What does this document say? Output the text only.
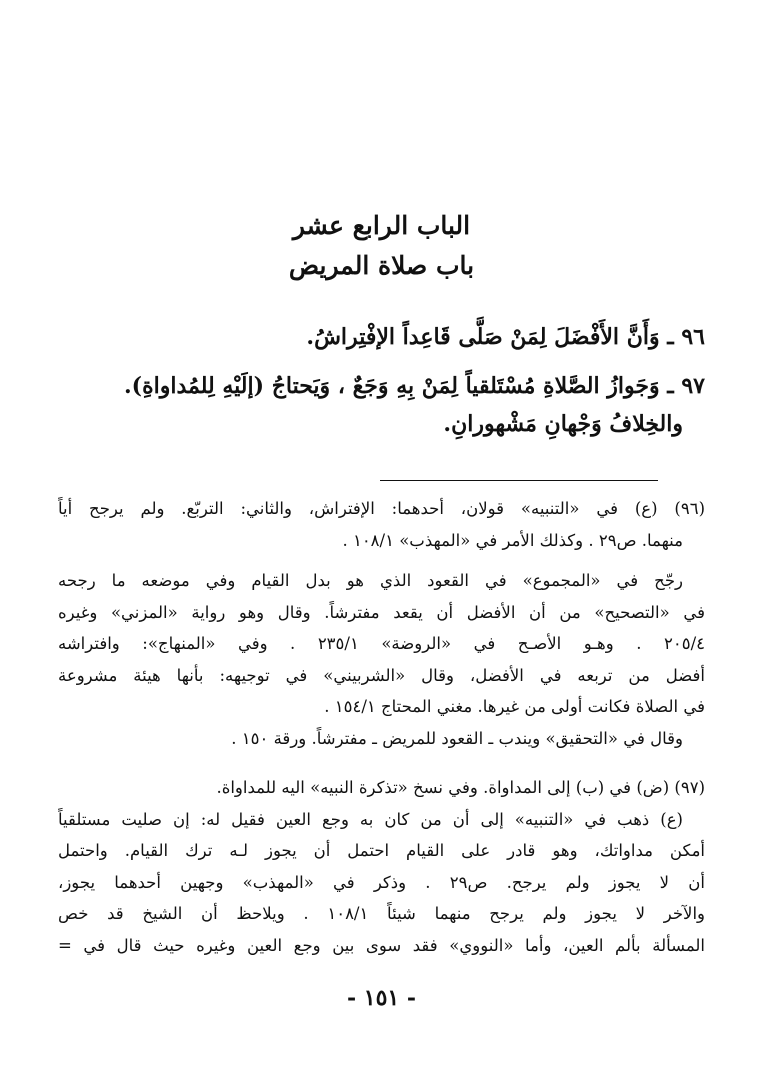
الباب الرابع عشر
باب صلاة المريض
٩٦ ـ وَأَنَّ الأَفْضَلَ لِمَنْ صَلَّى قَاعِداً الإفْتِراشُ.
٩٧ ـ وَجَوازُ الصَّلاةِ مُسْتَلقياً لِمَنْ بِهِ وَجَعٌ ، وَيَحتاجُ (إلَيْهِ لِلمُداواةِ).
والخِلافُ وَجْهانِ مَشْهورانِ.
(٩٦) (ع) في «التنبيه» قولان، أحدهما: الإفتراش، والثاني: التربّع. ولم يرجح أياً
منهما. ص٢٩ . وكذلك الأمر في «المهذب» ١٠٨/١ .
رجّح في «المجموع» في القعود الذي هو بدل القيام وفي موضعه ما رجحه
في «التصحيح» من أن الأفضل أن يقعد مفترشاً. وقال وهو رواية «المزني» وغيره
٢٠٥/٤ . وهـو الأصـح في «الروضة» ٢٣٥/١ . وفي «المنهاج»: وافتراشه
أفضل من تربعه في الأفضل، وقال «الشربيني» في توجيهه: بأنها هيئة مشروعة
في الصلاة فكانت أولى من غيرها. مغني المحتاج ١٥٤/١ .
وقال في «التحقيق» ويندب ـ القعود للمريض ـ مفترشاً. ورقة ١٥٠ .
(٩٧) (ض) في (ب) إلى المداواة. وفي نسخ «تذكرة النبيه» اليه للمداواة.
(ع) ذهب في «التنبيه» إلى أن من كان به وجع العين فقيل له: إن صليت مستلقياً
أمكن مداواتك، وهو قادر على القيام احتمل أن يجوز لـه ترك القيام. واحتمل
أن لا يجوز ولم يرجح. ص٢٩ . وذكر في «المهذب» وجهين أحدهما يجوز،
والآخر لا يجوز ولم يرجح منهما شيئاً ١٠٨/١ . ويلاحظ أن الشيخ قد خص
المسألة بألم العين، وأما «النووي» فقد سوى بين وجع العين وغيره حيث قال في =
- ١٥١ -
